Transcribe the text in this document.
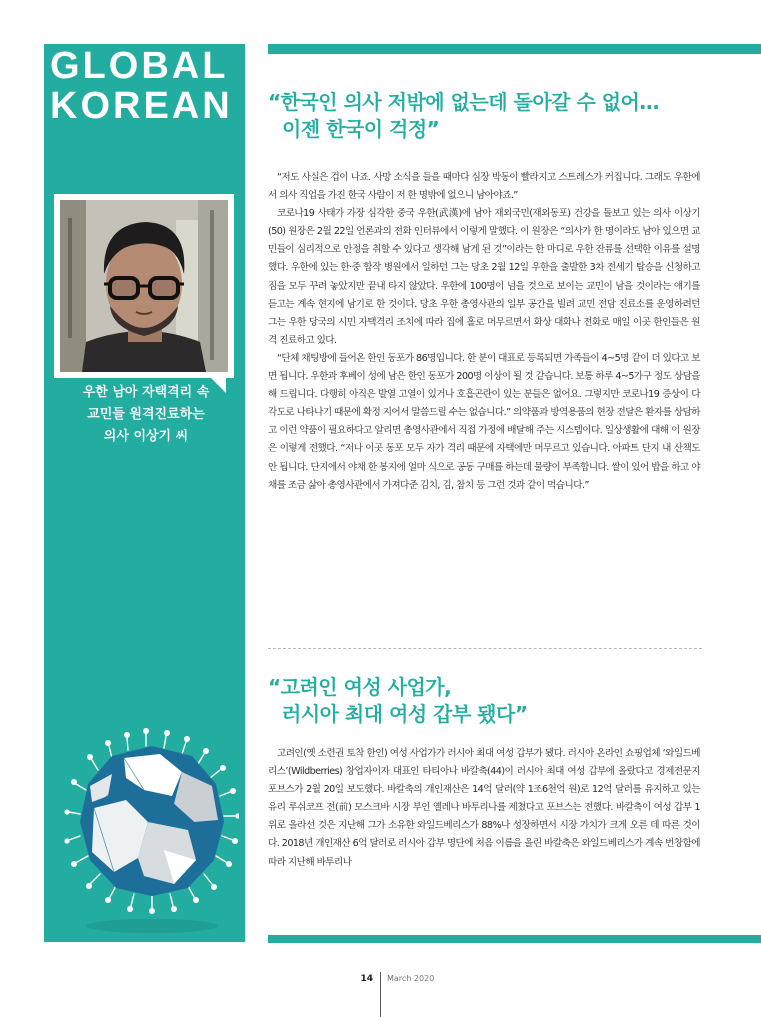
GLOBAL
KOREAN
우한 남아 자택격리 속
교민들 원격진료하는
의사 이상기 씨
“한국인 의사 저밖에 없는데 돌아갈 수 없어…
이젠 한국이 걱정”

“저도 사실은 겁이 나죠. 사망 소식을 들을 때마다 심장 박동이 빨라지고 스트레스가 커집니다. 그래도 우한에서 의사 직업을 가진 한국 사람이 저 한 명밖에 없으니 남아야죠.”

코로나19 사태가 가장 심각한 중국 우한(武漢)에 남아 재외국민(재외동포) 건강을 돌보고 있는 의사 이상기(50) 원장은 2월 22일 언론과의 전화 인터뷰에서 이렇게 말했다. 이 원장은 “의사가 한 명이라도 남아 있으면 교민들이 심리적으로 안정을 취할 수 있다고 생각해 남게 된 것”이라는 한 마디로 우한 잔류를 선택한 이유를 설명했다. 우한에 있는 한·중 합작 병원에서 일하던 그는 당초 2월 12일 우한을 출발한 3차 전세기 탑승을 신청하고 짐을 모두 꾸려 놓았지만 끝내 타지 않았다. 우한에 100명이 넘을 것으로 보이는 교민이 남을 것이라는 얘기를 듣고는 계속 현지에 남기로 한 것이다. 당초 우한 총영사관의 일부 공간을 빌려 교민 전담 진료소를 운영하려던 그는 우한 당국의 시민 자택격리 조치에 따라 집에 홀로 머무르면서 화상 대화나 전화로 매일 이곳 한인들은 원격 진료하고 있다.

“단체 채팅방에 들어온 한인 동포가 86명입니다. 한 분이 대표로 등록되면 가족들이 4~5명 같이 더 있다고 보면 됩니다. 우한과 후베이 성에 남은 한인 동포가 200명 이상이 될 것 같습니다. 보통 하루 4~5가구 정도 상담을 해 드립니다. 다행히 아직은 발열 고열이 있거나 호흡곤란이 있는 분들은 없어요. 그렇지만 코로나19 증상이 다각도로 나타나기 때문에 확정 지어서 말씀드릴 수는 없습니다.” 의약품과 방역용품의 현장 전달은 환자를 상담하고 이런 약품이 필요하다고 알리면 총영사관에서 직접 가정에 배달해 주는 시스템이다. 일상생활에 대해 이 원장은 이렇게 전했다. “저나 이곳 동포 모두 자가 격리 때문에 자택에만 머무르고 있습니다. 아파트 단지 내 산책도 안 됩니다. 단지에서 야채 한 봉지에 얼마 식으로 공동 구매를 하는데 물량이 부족합니다. 쌀이 있어 밥을 하고 야채를 조금 삶아 총영사관에서 가져다준 김치, 김, 참치 등 그런 것과 같이 먹습니다.”

“고려인 여성 사업가,
러시아 최대 여성 갑부 됐다”

고려인(옛 소련권 토착 한인) 여성 사업가가 러시아 최대 여성 갑부가 됐다. 러시아 온라인 쇼핑업체 ‘와일드베리스’(Wildberries) 창업자이자 대표인 타티아나 바칼축(44)이 러시아 최대 여성 갑부에 올랐다고 경제전문지 포브스가 2월 20일 보도했다. 바칼축의 개인재산은 14억 달러(약 1조6천억 원)로 12억 달러를 유지하고 있는 유리 루쉬코프 전(前) 모스크바 시장 부인 옐레나 바투리나를 제쳤다고 포브스는 전했다. 바칼축이 여성 갑부 1위로 올라선 것은 지난해 그가 소유한 와일드베리스가 88%나 성장하면서 시장 가치가 크게 오른 데 따른 것이다. 2018년 개인재산 6억 달러로 러시아 갑부 명단에 처음 이름을 올린 바칼축은 와일드베리스가 계속 번창함에 따라 지난해 바투리나

14 March 2020
